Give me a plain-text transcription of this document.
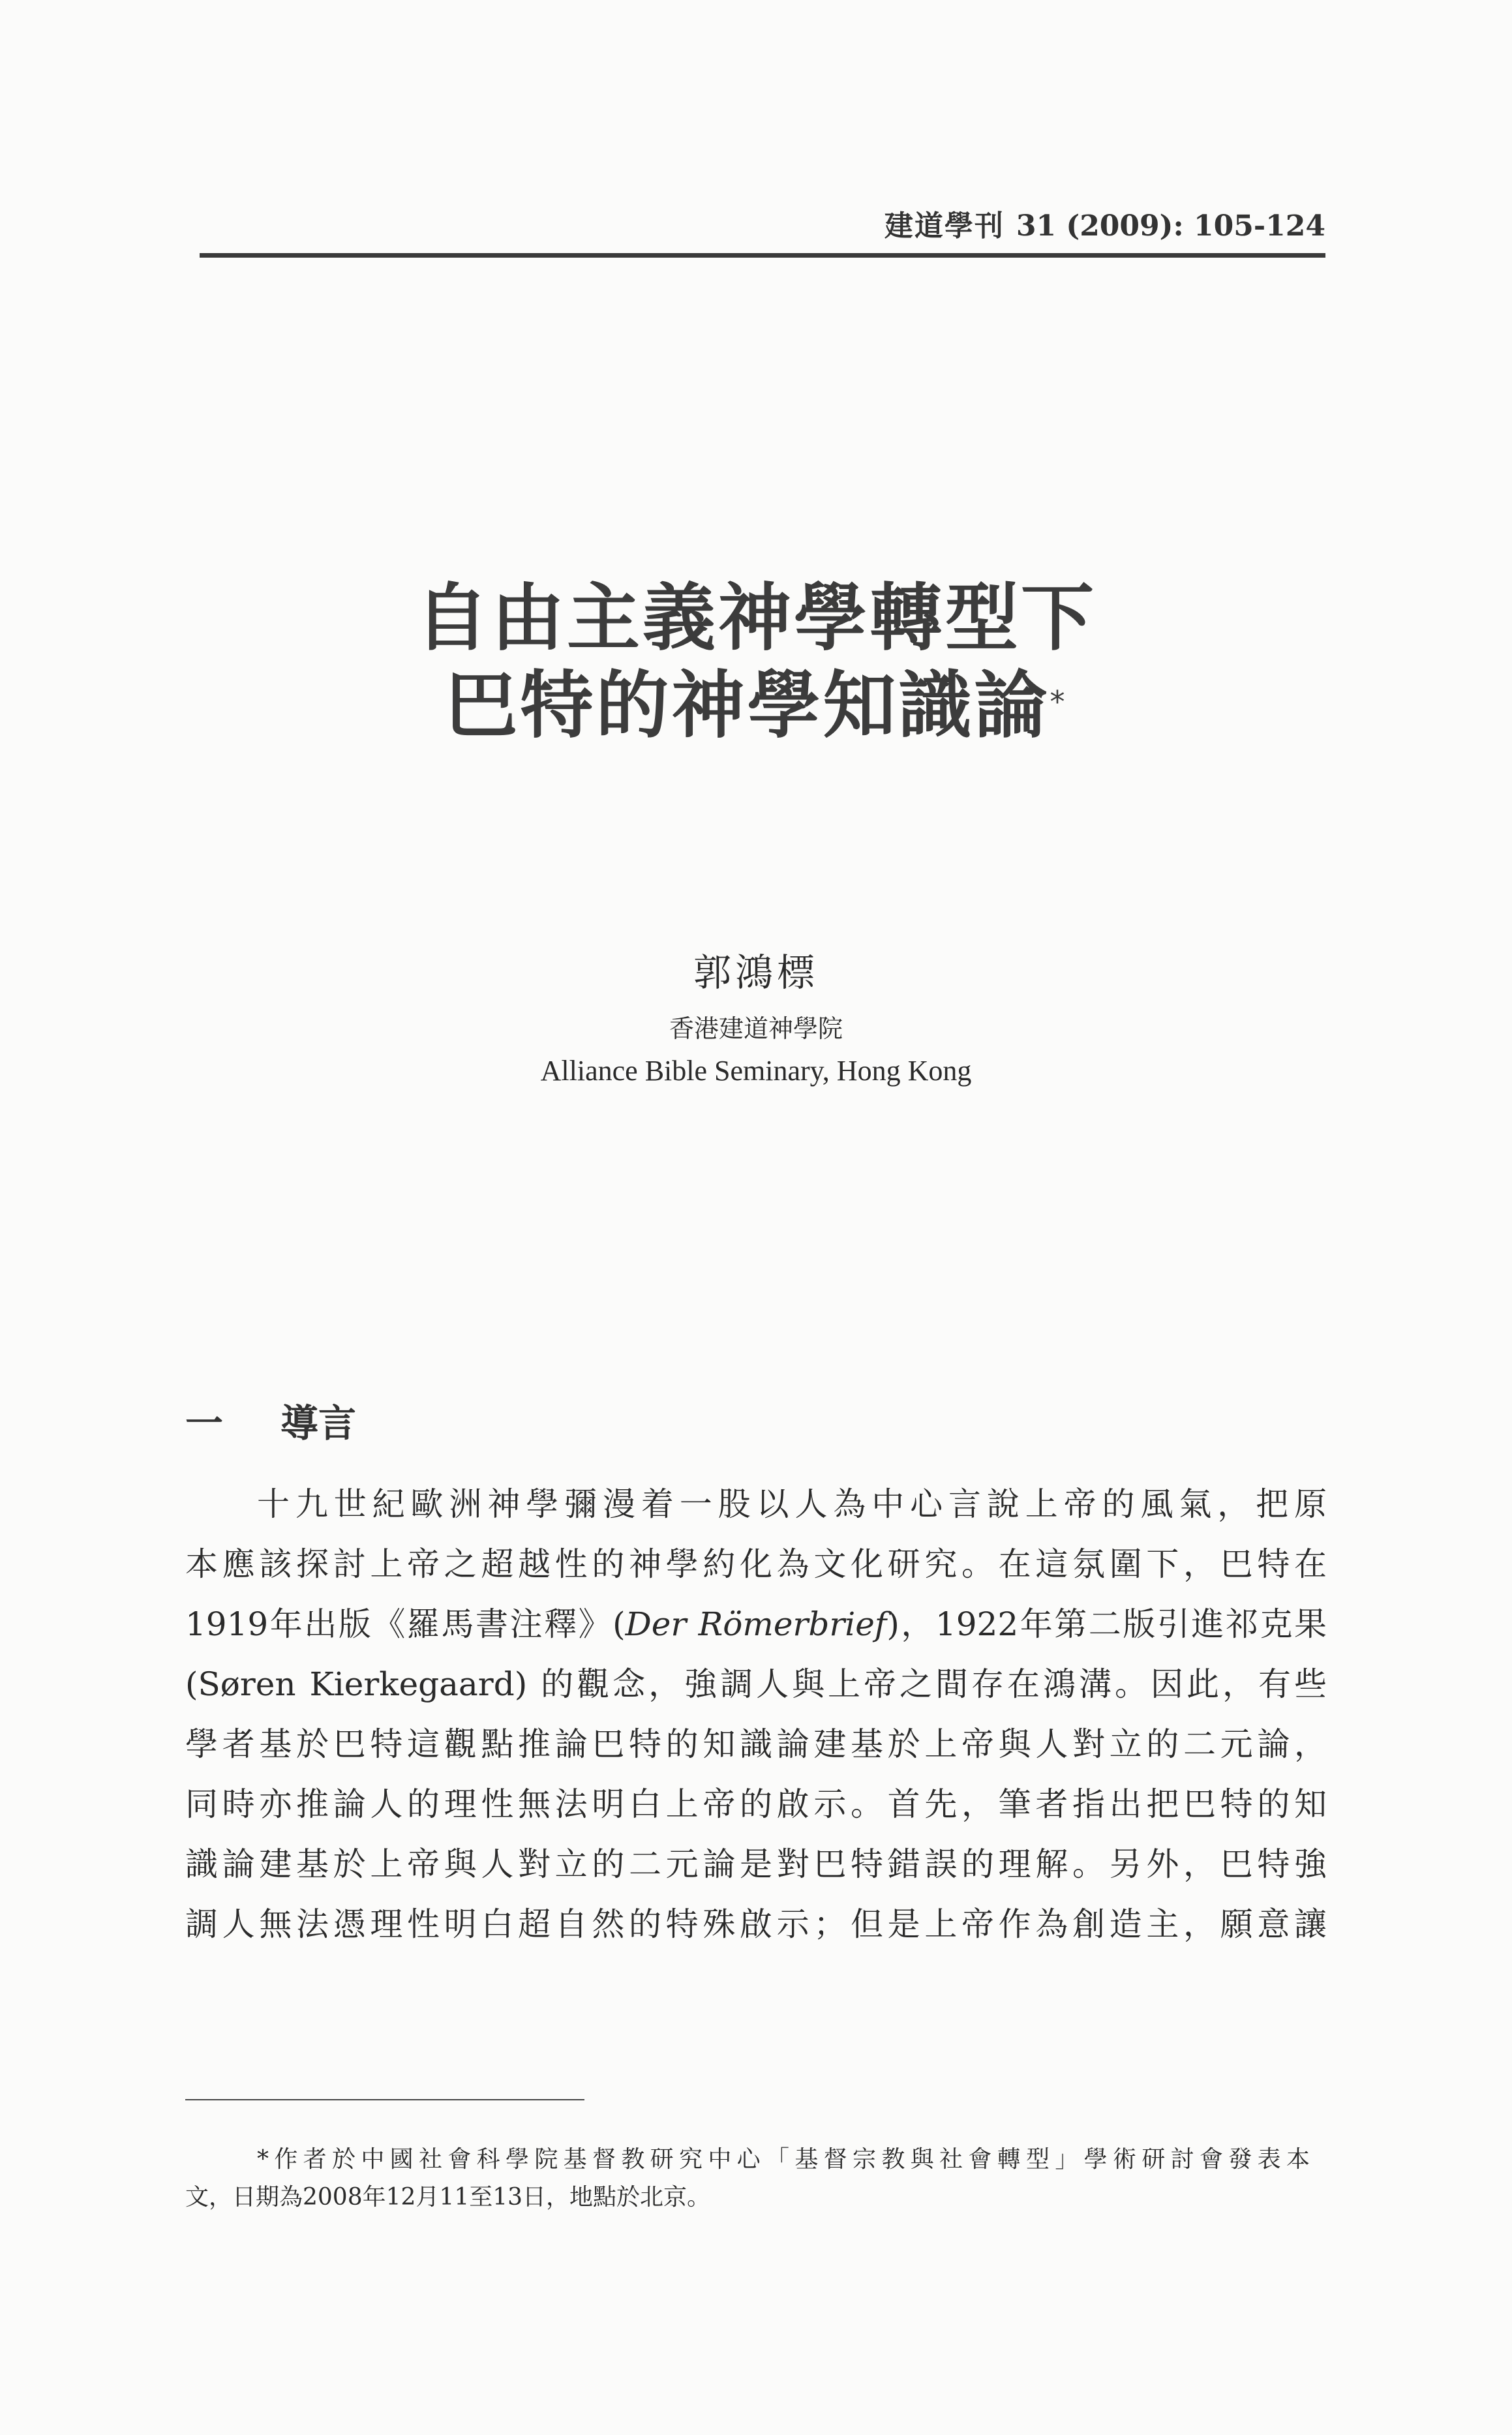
建道學刊 31 (2009): 105-124
自由主義神學轉型下
巴特的神學知識論*
郭鴻標
香港建道神學院
Alliance Bible Seminary, Hong Kong
一 導言
十九世紀歐洲神學彌漫着一股以人為中心言說上帝的風氣，把原
本應該探討上帝之超越性的神學約化為文化研究。在這氛圍下，巴特在
1919年出版《羅馬書注釋》(Der Römerbrief)，1922年第二版引進祁克果
(Søren Kierkegaard) 的觀念，強調人與上帝之間存在鴻溝。因此，有些
學者基於巴特這觀點推論巴特的知識論建基於上帝與人對立的二元論，
同時亦推論人的理性無法明白上帝的啟示。首先，筆者指出把巴特的知
識論建基於上帝與人對立的二元論是對巴特錯誤的理解。另外，巴特強
調人無法憑理性明白超自然的特殊啟示；但是上帝作為創造主，願意讓
*作者於中國社會科學院基督教研究中心「基督宗教與社會轉型」學術研討會發表本
文，日期為2008年12月11至13日，地點於北京。
